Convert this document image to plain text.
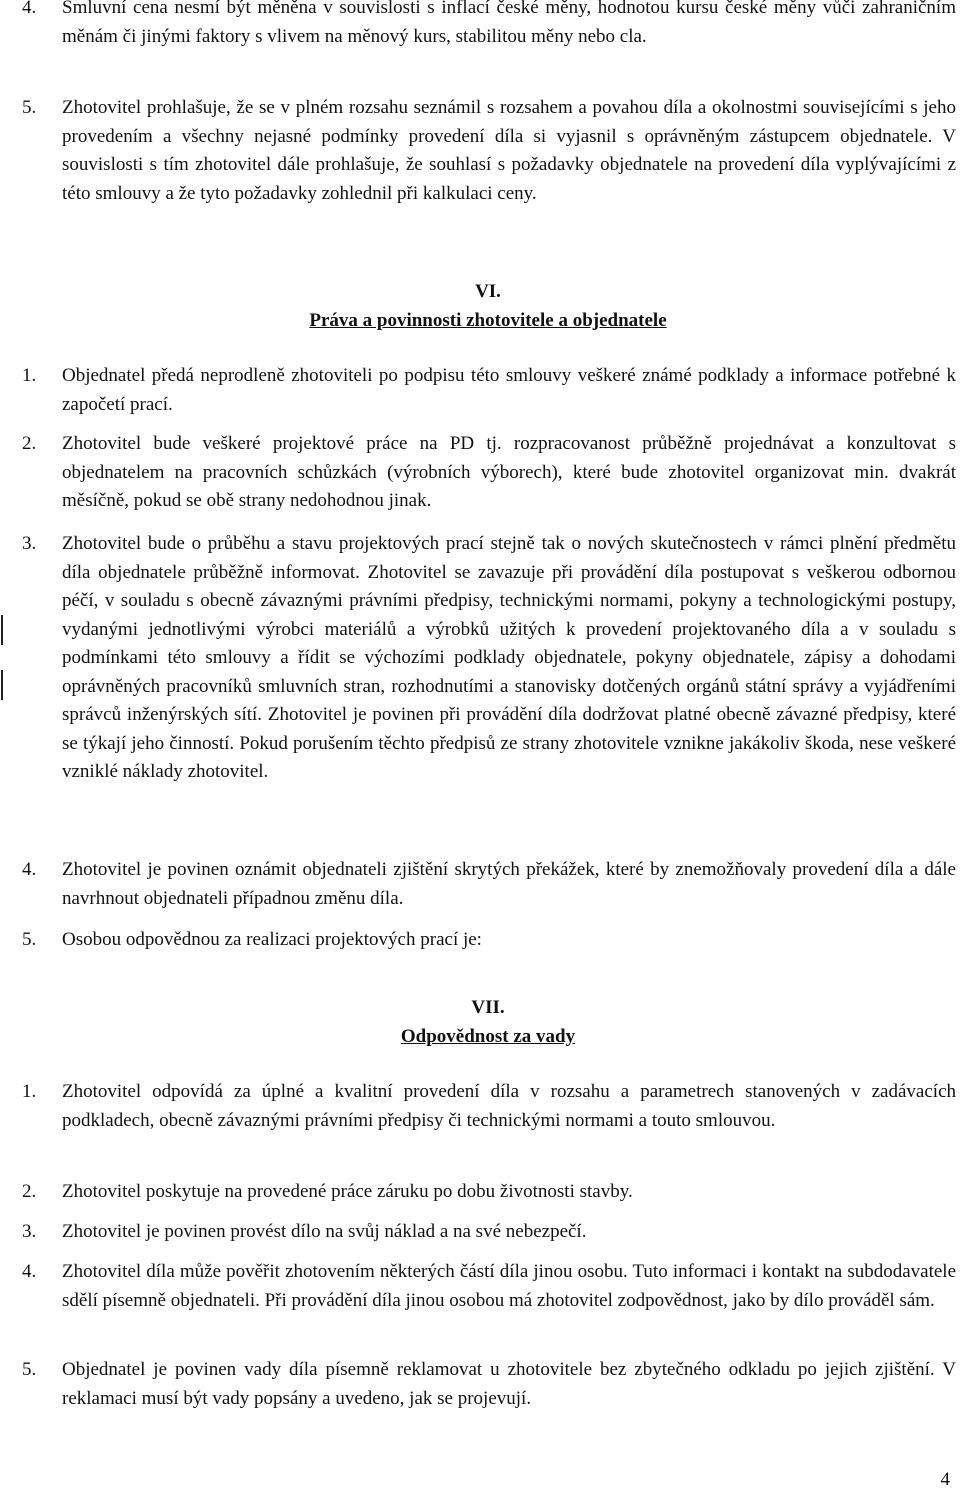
4.	Smluvní cena nesmí být měněna v souvislosti s inflací české měny, hodnotou kursu české měny vůči zahraničním měnám či jinými faktory s vlivem na měnový kurs, stabilitou měny nebo cla.
5.	Zhotovitel prohlašuje, že se v plném rozsahu seznámil s rozsahem a povahou díla a okolnostmi souvisejícími s jeho provedením a všechny nejasné podmínky provedení díla si vyjasnil s oprávněným zástupcem objednatele. V souvislosti s tím zhotovitel dále prohlašuje, že souhlasí s požadavky objednatele na provedení díla vyplývajícími z této smlouvy a že tyto požadavky zohlednil při kalkulaci ceny.
VI.
Práva a povinnosti zhotovitele a objednatele
1.	Objednatel předá neprodleně zhotoviteli po podpisu této smlouvy veškeré známé podklady a informace potřebné k započetí prací.
2.	Zhotovitel bude veškeré projektové práce na PD tj. rozpracovanost průběžně projednávat a konzultovat s objednatelem na pracovních schůzkách (výrobních výborech), které bude zhotovitel organizovat min. dvakrát měsíčně, pokud se obě strany nedohodnou jinak.
3.	Zhotovitel bude o průběhu a stavu projektových prací stejně tak o nových skutečnostech v rámci plnění předmětu díla objednatele průběžně informovat. Zhotovitel se zavazuje při provádění díla postupovat s veškerou odbornou péčí, v souladu s obecně závaznými právními předpisy, technickými normami, pokyny a technologickými postupy, vydanými jednotlivými výrobci materiálů a výrobků užitých k provedení projektovaného díla a v souladu s podmínkami této smlouvy a řídit se výchozími podklady objednatele, pokyny objednatele, zápisy a dohodami oprávněných pracovníků smluvních stran, rozhodnutími a stanovisky dotčených orgánů státní správy a vyjádřeními správců inženýrských sítí. Zhotovitel je povinen při provádění díla dodržovat platné obecně závazné předpisy, které se týkají jeho činností. Pokud porušením těchto předpisů ze strany zhotovitele vznikne jakákoliv škoda, nese veškeré vzniklé náklady zhotovitel.
4.	Zhotovitel je povinen oznámit objednateli zjištění skrytých překážek, které by znemožňovaly provedení díla a dále navrhnout objednateli případnou změnu díla.
5.	Osobou odpovědnou za realizaci projektových prací je:
VII.
Odpovědnost za vady
1.	Zhotovitel odpovídá za úplné a kvalitní provedení díla v rozsahu a parametrech stanovených v zadávacích podkladech, obecně závaznými právními předpisy či technickými normami a touto smlouvou.
2.	Zhotovitel poskytuje na provedené práce záruku po dobu životnosti stavby.
3.	Zhotovitel je povinen provést dílo na svůj náklad a na své nebezpečí.
4.	Zhotovitel díla může pověřit zhotovením některých částí díla jinou osobu. Tuto informaci i kontakt na subdodavatele sdělí písemně objednateli. Při provádění díla jinou osobou má zhotovitel zodpovědnost, jako by dílo prováděl sám.
5.	Objednatel je povinen vady díla písemně reklamovat u zhotovitele bez zbytečného odkladu po jejich zjištění. V reklamaci musí být vady popsány a uvedeno, jak se projevují.
4
